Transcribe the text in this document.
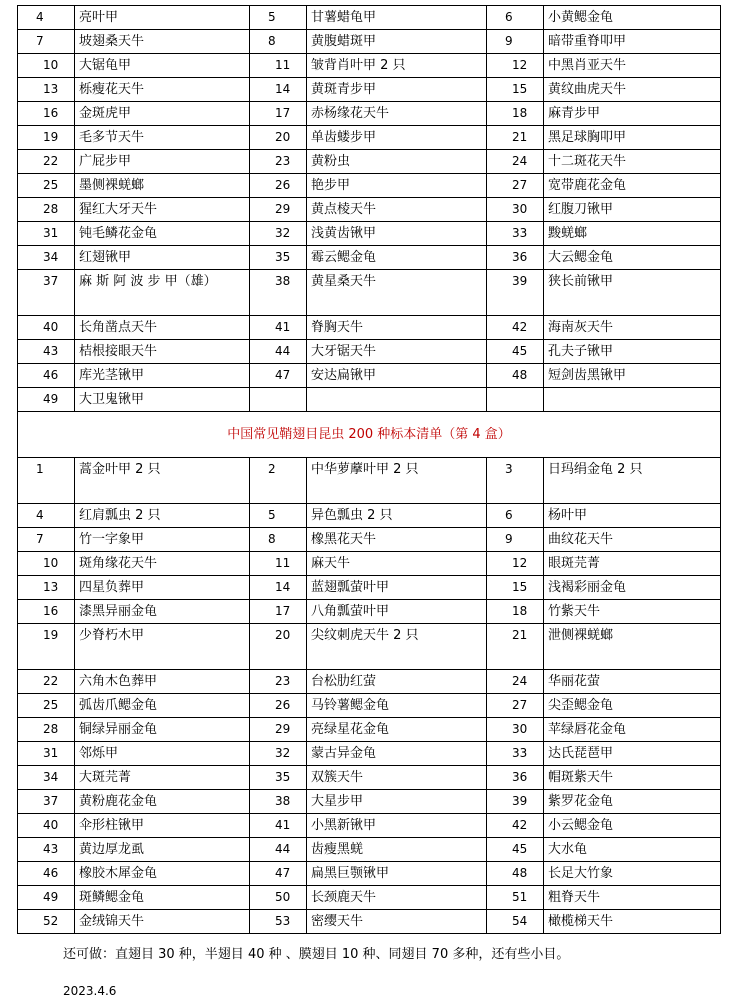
4	亮叶甲	5	甘薯蜡龟甲	6	小黄鳃金龟
7	坡翅桑天牛	8	黄腹蜡斑甲	9	暗带重脊叩甲
10	大锯龟甲	11	皱背肖叶甲 2 只	12	中黑肖亚天牛
13	栎瘦花天牛	14	黄斑青步甲	15	黄纹曲虎天牛
16	金斑虎甲	17	赤杨缘花天牛	18	麻青步甲
19	毛多节天牛	20	单齿蝼步甲	21	黑足球胸叩甲
22	广屁步甲	23	黄粉虫	24	十二斑花天牛
25	墨侧裸蜣螂	26	艳步甲	27	宽带鹿花金龟
28	猩红大牙天牛	29	黄点棱天牛	30	红腹刀锹甲
31	钝毛鳞花金龟	32	浅黄齿锹甲	33	黢蜣螂
34	红翅锹甲	35	霉云鳃金龟	36	大云鳃金龟
37	麻 斯 阿 波 步 甲（雄）	38	黄星桑天牛	39	狭长前锹甲
40	长角凿点天牛	41	脊胸天牛	42	海南灰天牛
43	桔根接眼天牛	44	大牙锯天牛	45	孔夫子锹甲
46	库光茎锹甲	47	安达扁锹甲	48	短剑齿黑锹甲
49	大卫鬼锹甲				
中国常见鞘翅目昆虫 200 种标本清单（第 4 盒）					
1	蒿金叶甲 2 只	2	中华萝藦叶甲 2 只	3	日玛绢金龟 2 只
4	红肩瓢虫 2 只	5	异色瓢虫 2 只	6	杨叶甲
7	竹一字象甲	8	橡黑花天牛	9	曲纹花天牛
10	斑角缘花天牛	11	麻天牛	12	眼斑芫菁
13	四星负葬甲	14	蓝翅瓢萤叶甲	15	浅褐彩丽金龟
16	漆黑异丽金龟	17	八角瓢萤叶甲	18	竹紫天牛
19	少脊朽木甲	20	尖纹刺虎天牛 2 只	21	泄侧裸蜣螂
22	六角木色葬甲	23	台松肋红萤	24	华丽花萤
25	弧齿爪鳃金龟	26	马铃薯鳃金龟	27	尖歪鳃金龟
28	铜绿异丽金龟	29	亮绿星花金龟	30	苹绿唇花金龟
31	邻烁甲	32	蒙古异金龟	33	达氏琵琶甲
34	大斑芫菁	35	双簇天牛	36	帽斑紫天牛
37	黄粉鹿花金龟	38	大星步甲	39	紫罗花金龟
40	伞形柱锹甲	41	小黑新锹甲	42	小云鳃金龟
43	黄边厚龙虱	44	齿瘦黑蜣	45	大水龟
46	橡胶木犀金龟	47	扁黑巨颚锹甲	48	长足大竹象
49	斑鳞鳃金龟	50	长颈鹿天牛	51	粗脊天牛
52	金绒锦天牛	53	密缨天牛	54	橄榄梯天牛
还可做：直翅目 30 种，半翅目 40 种 、膜翅目 10 种、同翅目 70 多种，还有些小目。
2023.4.6
